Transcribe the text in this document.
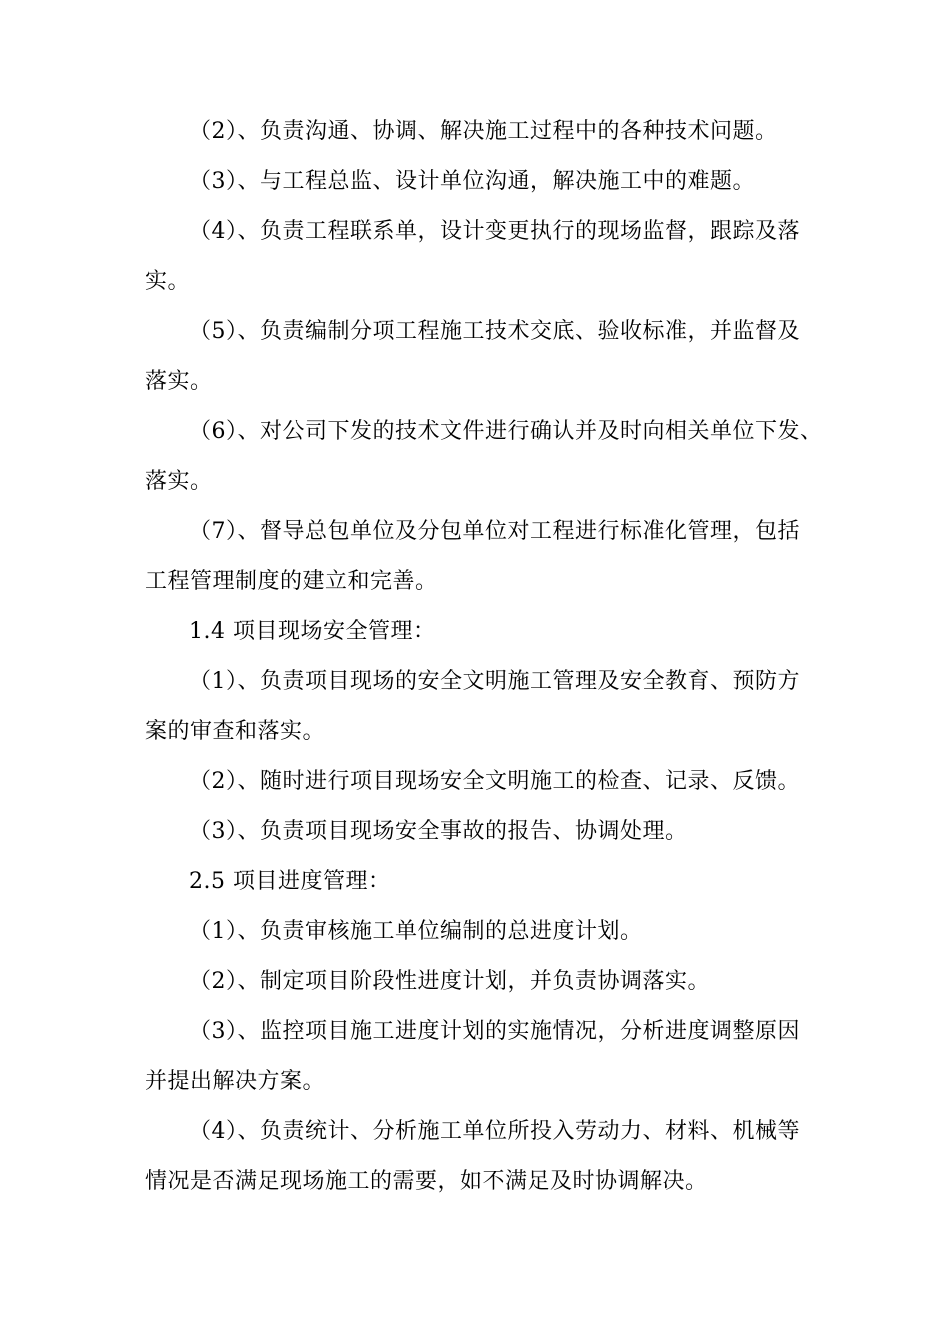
（2）、负责沟通、协调、解决施工过程中的各种技术问题。

（3）、与工程总监、设计单位沟通，解决施工中的难题。

（4）、负责工程联系单，设计变更执行的现场监督，跟踪及落
实。

（5）、负责编制分项工程施工技术交底、验收标准，并监督及
落实。

（6）、对公司下发的技术文件进行确认并及时向相关单位下发、
落实。

（7）、督导总包单位及分包单位对工程进行标准化管理，包括
工程管理制度的建立和完善。

1.4 项目现场安全管理：

（1）、负责项目现场的安全文明施工管理及安全教育、预防方
案的审查和落实。

（2）、随时进行项目现场安全文明施工的检查、记录、反馈。

（3）、负责项目现场安全事故的报告、协调处理。

2.5 项目进度管理：

（1）、负责审核施工单位编制的总进度计划。

（2）、制定项目阶段性进度计划，并负责协调落实。

（3）、监控项目施工进度计划的实施情况，分析进度调整原因
并提出解决方案。

（4）、负责统计、分析施工单位所投入劳动力、材料、机械等
情况是否满足现场施工的需要，如不满足及时协调解决。
